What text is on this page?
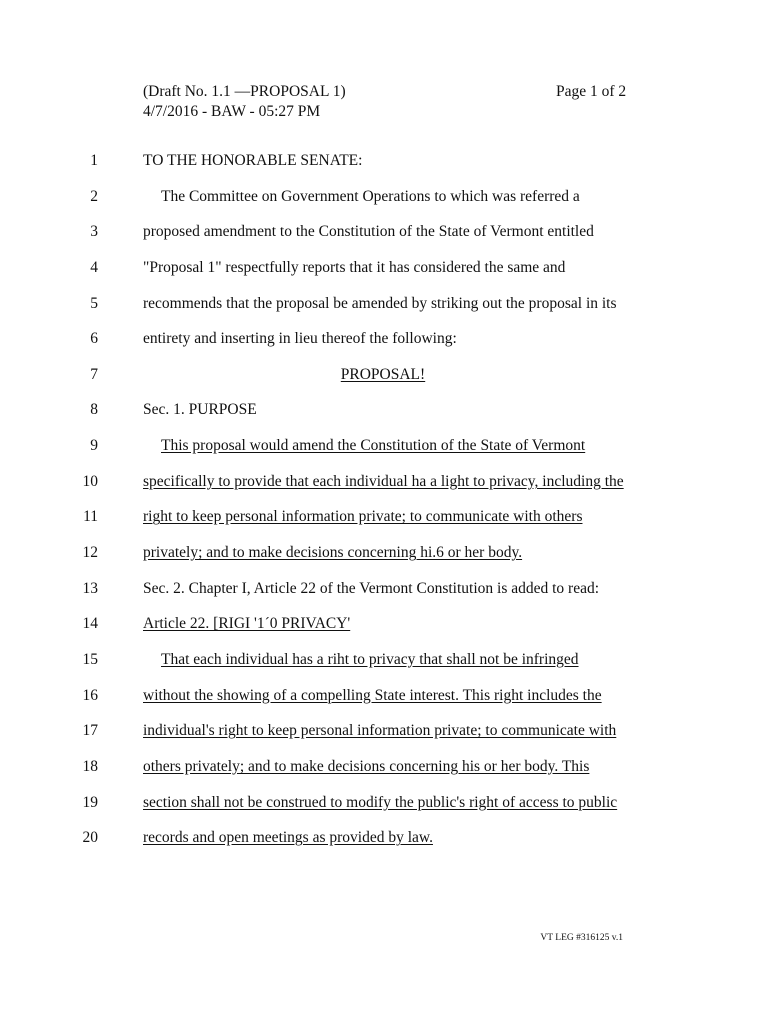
(Draft No. 1.1 —PROPOSAL 1)
4/7/2016 - BAW - 05:27 PM
Page 1 of 2
1	TO THE HONORABLE SENATE:
2	The Committee on Government Operations to which was referred a
3	proposed amendment to the Constitution of the State of Vermont entitled
4	"Proposal 1" respectfully reports that it has considered the same and
5	recommends that the proposal be amended by striking out the proposal in its
6	entirety and inserting in lieu thereof the following:
7	PROPOSAL!
8	Sec. 1. PURPOSE
9	This proposal would amend the Constitution of the State of Vermont
10	specifically to provide that each individual ha a light to privacy, including the
11	right to keep personal information private; to communicate with others
12	privately; and to make decisions concerning hi.6 or her body.
13	Sec. 2. Chapter I, Article 22 of the Vermont Constitution is added to read:
14	Article 22. [RIGI '1´0 PRIVACY'
15	That each individual has a riht to privacy that shall not be infringed
16	without the showing of a compelling State interest. This right includes the
17	individual's right to keep personal information private; to communicate with
18	others privately; and to make decisions concerning his or her body. This
19	section shall not be construed to modify the public's right of access to public
20	records and open meetings as provided by law.
VT LEG #316125 v.1
